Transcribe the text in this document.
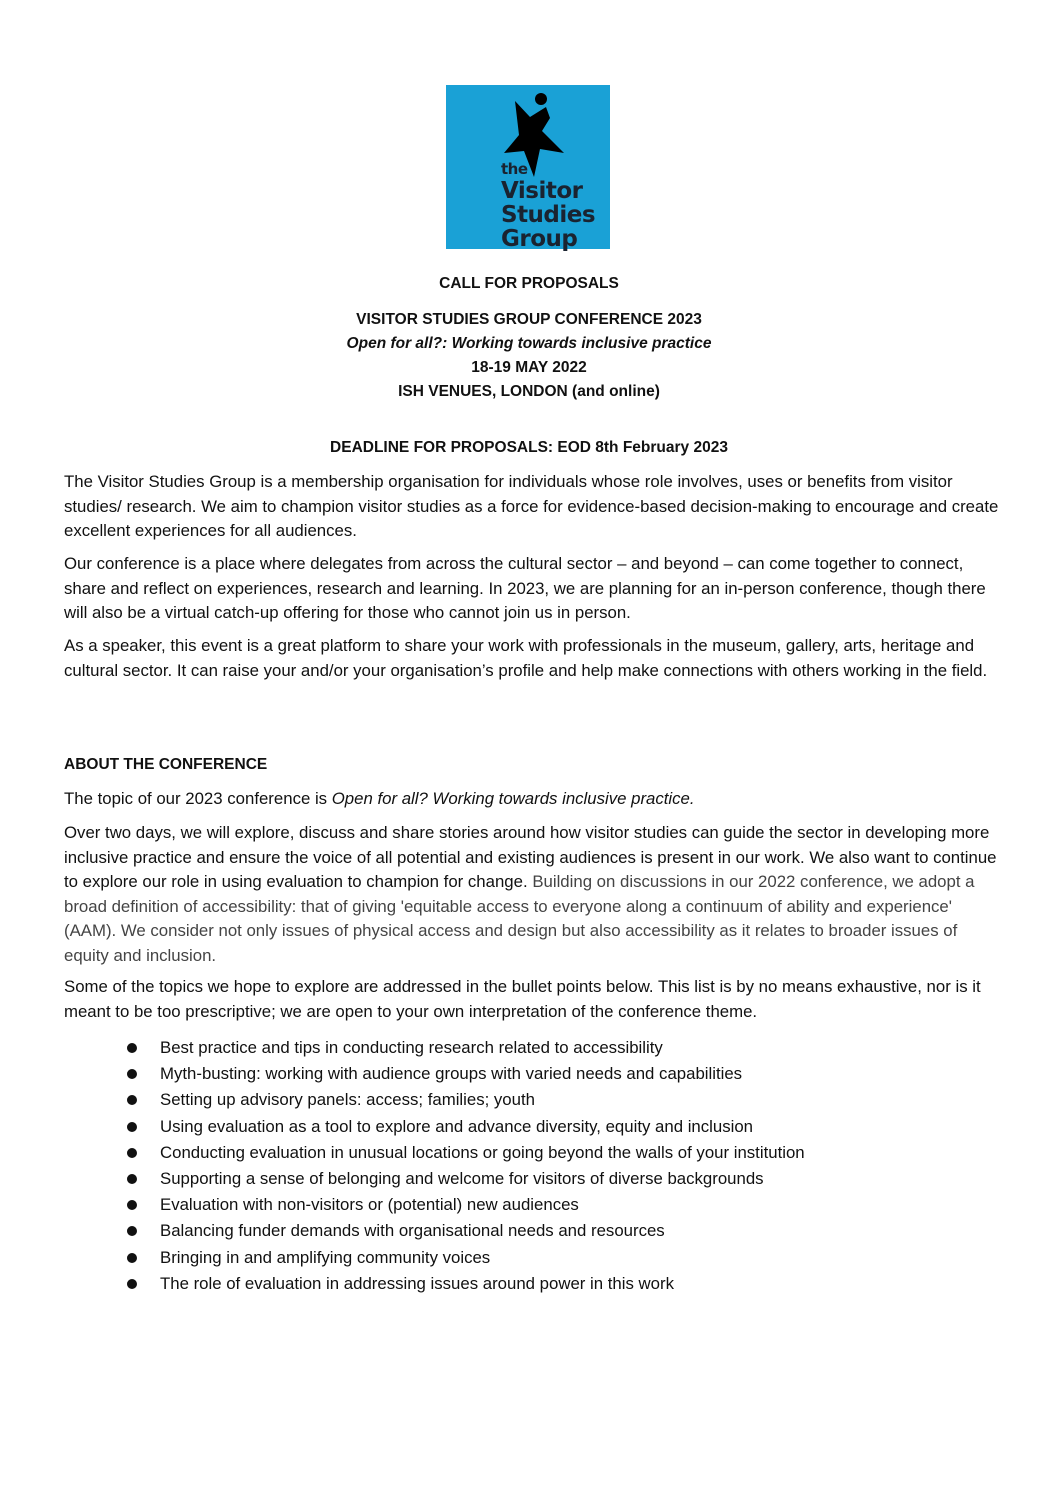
the
Visitor
Studies
Group
CALL FOR PROPOSALS
VISITOR STUDIES GROUP CONFERENCE 2023
Open for all?: Working towards inclusive practice
18-19 MAY 2022
ISH VENUES, LONDON (and online)
DEADLINE FOR PROPOSALS: EOD 8th February 2023

The Visitor Studies Group is a membership organisation for individuals whose role involves, uses or benefits from visitor studies/ research. We aim to champion visitor studies as a force for evidence-based decision-making to encourage and create excellent experiences for all audiences.

Our conference is a place where delegates from across the cultural sector – and beyond – can come together to connect, share and reflect on experiences, research and learning. In 2023, we are planning for an in-person conference, though there will also be a virtual catch-up offering for those who cannot join us in person.

As a speaker, this event is a great platform to share your work with professionals in the museum, gallery, arts, heritage and cultural sector. It can raise your and/or your organisation’s profile and help make connections with others working in the field.

ABOUT THE CONFERENCE

The topic of our 2023 conference is Open for all? Working towards inclusive practice.

Over two days, we will explore, discuss and share stories around how visitor studies can guide the sector in developing more inclusive practice and ensure the voice of all potential and existing audiences is present in our work. We also want to continue to explore our role in using evaluation to champion for change. Building on discussions in our 2022 conference, we adopt a broad definition of accessibility: that of giving 'equitable access to everyone along a continuum of ability and experience' (AAM). We consider not only issues of physical access and design but also accessibility as it relates to broader issues of equity and inclusion.

Some of the topics we hope to explore are addressed in the bullet points below. This list is by no means exhaustive, nor is it meant to be too prescriptive; we are open to your own interpretation of the conference theme.

Best practice and tips in conducting research related to accessibility
Myth-busting: working with audience groups with varied needs and capabilities
Setting up advisory panels: access; families; youth
Using evaluation as a tool to explore and advance diversity, equity and inclusion
Conducting evaluation in unusual locations or going beyond the walls of your institution
Supporting a sense of belonging and welcome for visitors of diverse backgrounds
Evaluation with non-visitors or (potential) new audiences
Balancing funder demands with organisational needs and resources
Bringing in and amplifying community voices
The role of evaluation in addressing issues around power in this work
